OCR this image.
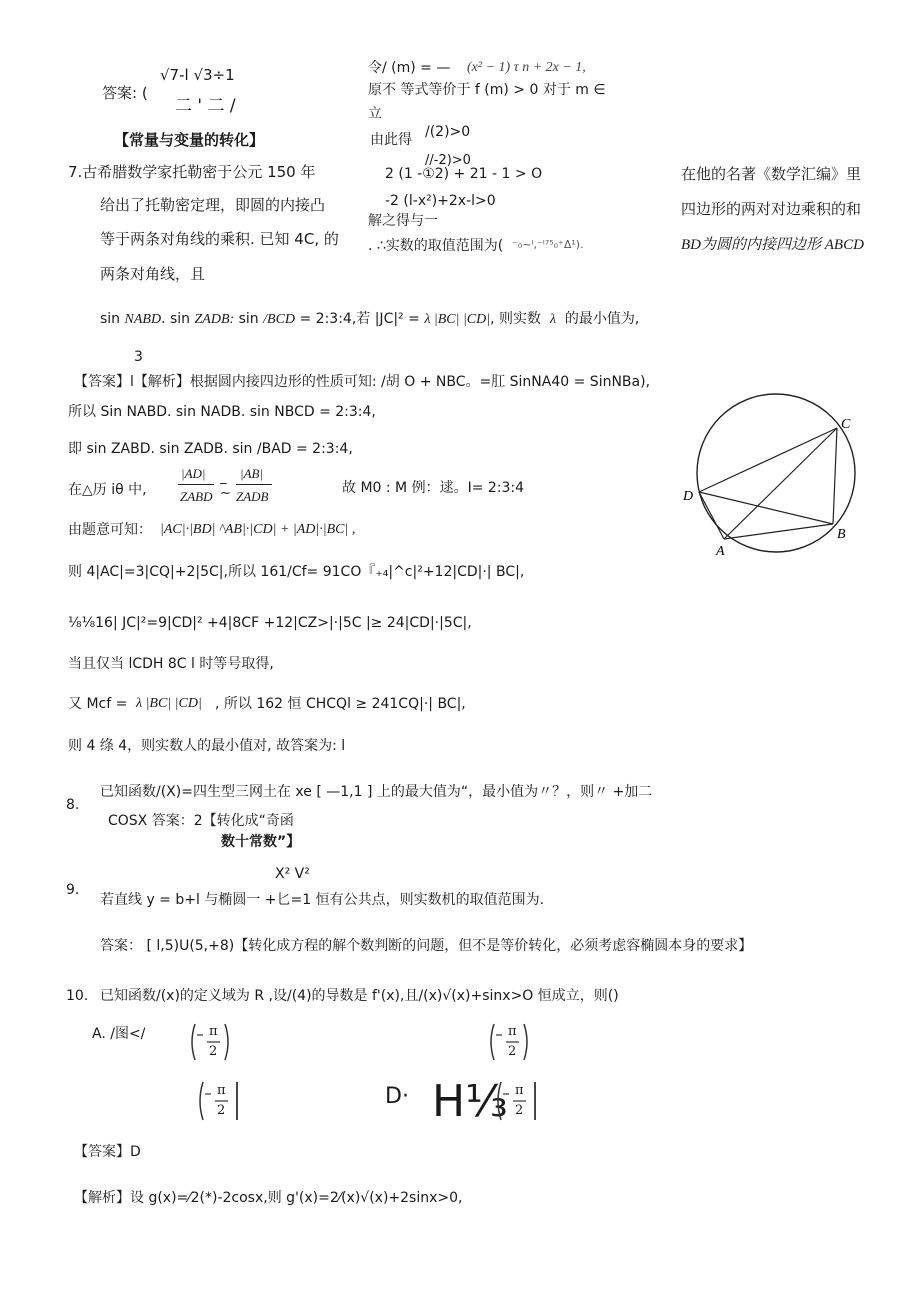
答案: (
√7-l √3÷1
二 ' 二 /
【常量与变量的转化】
7.古希腊数学家托勒密于公元 150 年
给出了托勒密定理，即圆的内接凸
等于两条对角线的乘积. 已知 4C, 的
两条对角线，且
令/ (m) = — (x² − 1) τ n + 2x − 1,
原不 等式等价于 f (m) > 0 对于 m ∈
立
由此得 /(2)>0
//-2)>0
2 (1 -①2) + 21 - 1 > O
-2 (l-x²)+2x-l>0
解之得与一
. ∴实数的取值范围为( ⁻₀~ᴵ,⁻ᴵ⁷⁵₀⁺Δ¹).
在他的名著《数学汇编》里
四边形的两对对边乘积的和
BD为圆的内接四边形 ABCD
sin NABD. sin ZADB: sin /BCD = 2:3:4,若 |JC|² = λ |BC| |CD|, 则实数 λ 的最小值为,
3
【答案】l【解析】根据圆内接四边形的性质可知: /胡 O + NBC。=肛 SinNA40 = SinNBa),
所以 Sin NABD. sin NADB. sin NBCD = 2:3:4,
即 sin ZABD. sin ZADB. sin /BAD = 2:3:4,
在△历 iθ 中,
|AD|
ZABD
_
~
|AB|
ZADB
故 M0 : M 例：逑。I= 2:3:4
由题意可知： |AC|·|BD| ^AB|·|CD| + |AD|·|BC| ,
则 4|AC|=3|CQ|+2|5C|,所以 161/Cf= 91CO『₊₄|^c|²+12|CD|·| BC|,
⅛⅛16| JC|²=9|CD|² +4|8CF +12|CZ>|·|5C |≥ 24|CD|·|5C|,
当且仅当 lCDH 8C l 时等号取得,
又 Mcf = λ |BC| |CD| , 所以 162 恒 CHCQl ≥ 241CQ|·| BC|,
则 4 绦 4，则实数人的最小值对, 故答案为: l
C
D
A
B
8.
已知函数/(X)=四生型三网土在 xe [ —1,1 ] 上的最大值为“，最小值为〃？，则〃 +加二
COSX 答案：2【转化成“奇函
数十常数”】
X² V²
9.
若直线 y = b+l 与椭圆一 +匕=1 恒有公共点，则实数机的取值范围为.
答案： [ l,5)U(5,+8)【转化成方程的解个数判断的问题，但不是等价转化，必须考虑容椭圆本身的要求】
10. 已知函数/(x)的定义域为 R ,设/(4)的导数是 f'(x),且/(x)√(x)+sinx>O 恒成立，则()
A. /图</	π
2
π
2
π
2
D· H⅓ π
2
【答案】D
【解析】设 g(x)=⁄2(*)-2cosx,则 g'(x)=2⁄(x)√(x)+2sinx>0,
